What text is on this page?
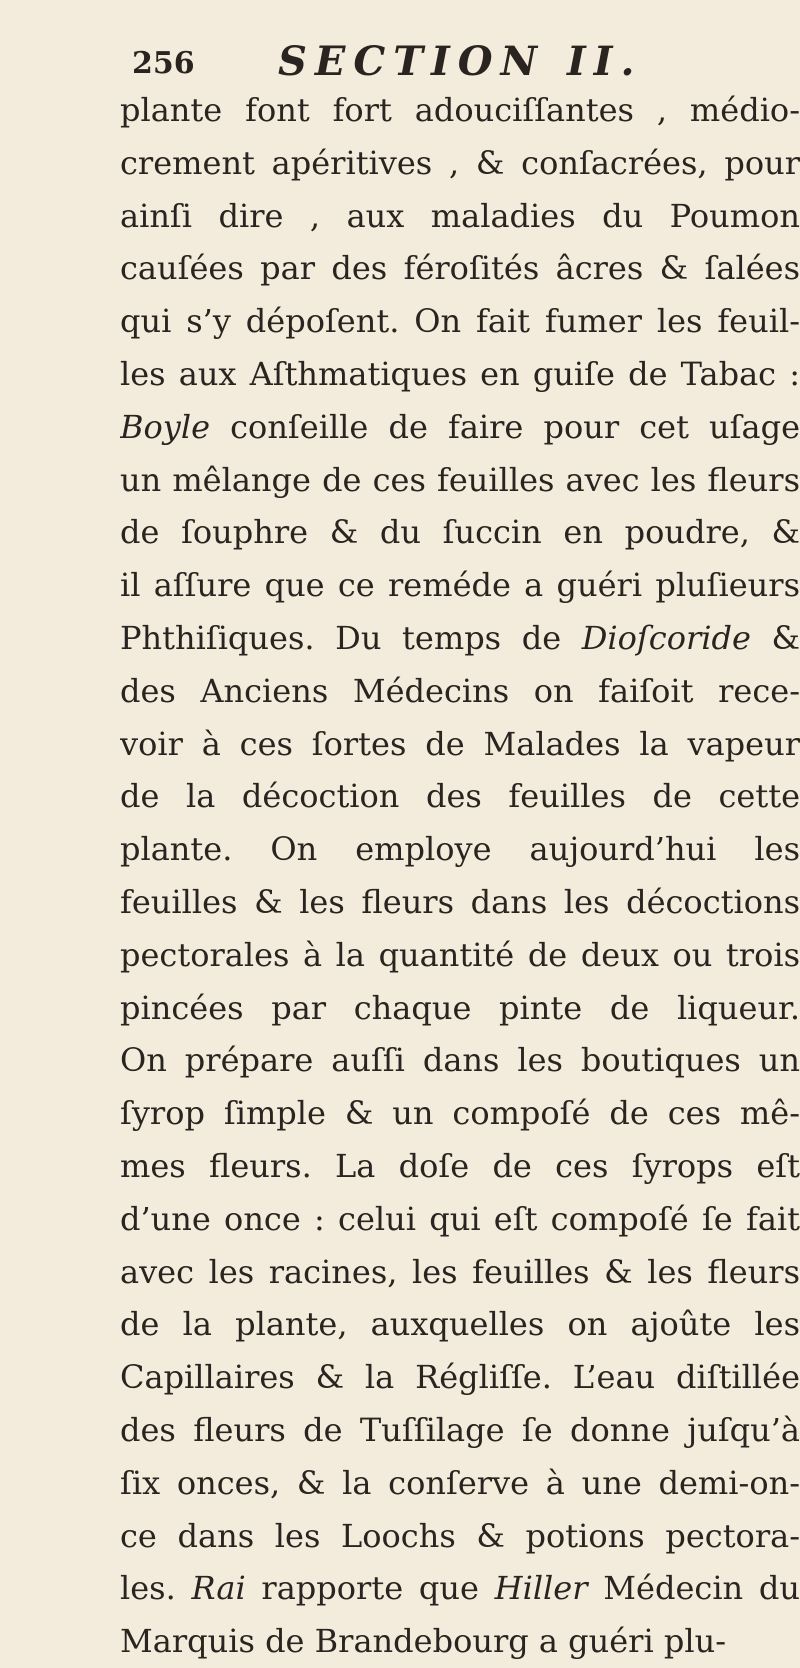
256 SECTION II.
plante font fort adouciſſantes , médio-
crement apéritives , & conſacrées, pour
ainſi dire , aux maladies du Poumon
cauſées par des féroſités âcres & ſalées
qui s’y dépoſent. On fait fumer les feuil-
les aux Aſthmatiques en guiſe de Tabac :
Boyle conſeille de faire pour cet uſage
un mêlange de ces feuilles avec les fleurs
de ſouphre & du ſuccin en poudre, &
il aſſure que ce reméde a guéri pluſieurs
Phthiſiques. Du temps de Dioſcoride &
des Anciens Médecins on faiſoit rece-
voir à ces ſortes de Malades la vapeur
de la décoction des feuilles de cette
plante. On employe aujourd’hui les
feuilles & les fleurs dans les décoctions
pectorales à la quantité de deux ou trois
pincées par chaque pinte de liqueur.
On prépare auſſi dans les boutiques un
ſyrop ſimple & un compoſé de ces mê-
mes fleurs. La doſe de ces ſyrops eſt
d’une once : celui qui eſt compoſé ſe fait
avec les racines, les feuilles & les fleurs
de la plante, auxquelles on ajoûte les
Capillaires & la Régliſſe. L’eau diſtillée
des fleurs de Tuſſilage ſe donne juſqu’à
ſix onces, & la conſerve à une demi-on-
ce dans les Loochs & potions pectora-
les. Rai rapporte que Hiller Médecin du
Marquis de Brandebourg a guéri plu-
